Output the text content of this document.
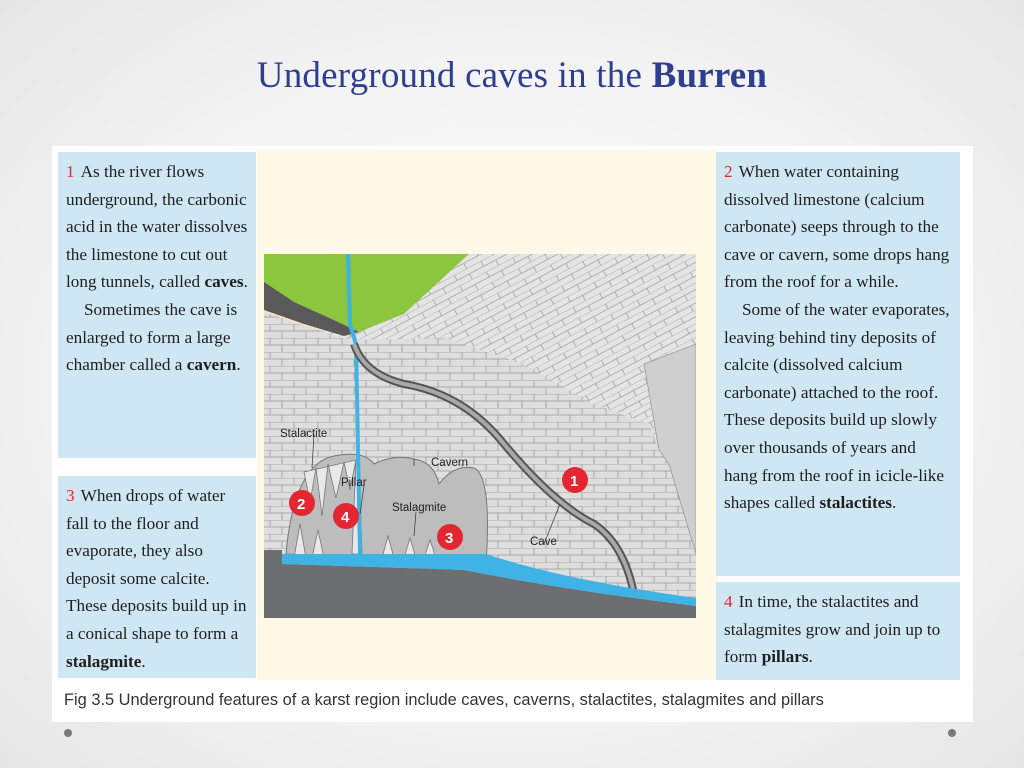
Underground caves in the Burren

1 As the river flows underground, the carbonic acid in the water dissolves the limestone to cut out long tunnels, called caves.

Sometimes the cave is enlarged to form a large chamber called a cavern.

3 When drops of water fall to the floor and evaporate, they also deposit some calcite. These deposits build up in a conical shape to form a stalagmite.

2 When water containing dissolved limestone (calcium carbonate) seeps through to the cave or cavern, some drops hang from the roof for a while.

Some of the water evaporates, leaving behind tiny deposits of calcite (dissolved calcium carbonate) attached to the roof. These deposits build up slowly over thousands of years and hang from the roof in icicle-like shapes called stalactites.

4 In time, the stalactites and stalagmites grow and join up to form pillars.

Stalactite
Pillar
Cavern
Stalagmite
Cave
1
2
3
4
Fig 3.5 Underground features of a karst region include caves, caverns, stalactites, stalagmites and pillars
